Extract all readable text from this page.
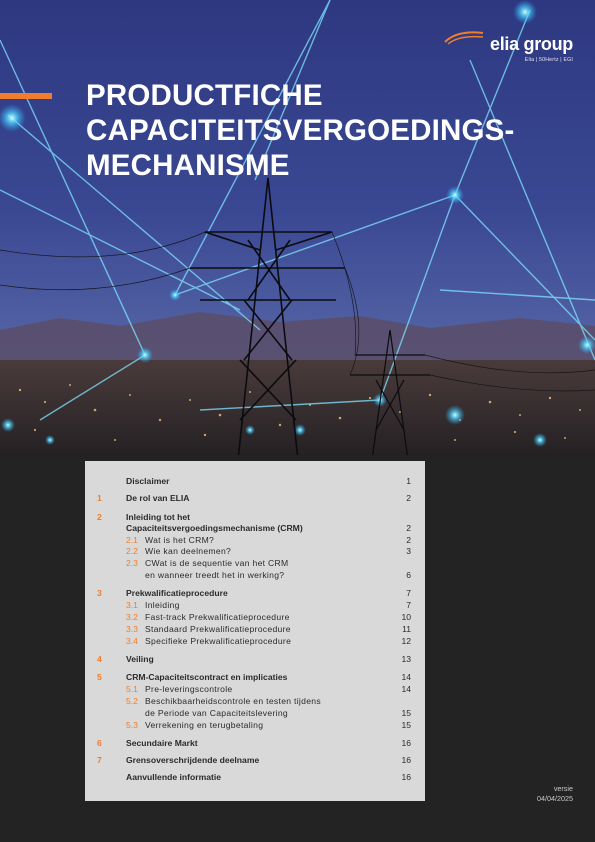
elia group
Elia | 50Hertz | EGI
PRODUCTFICHE
CAPACITEITSVERGOEDINGS-
MECHANISME
Disclaimer	1
1	De rol van ELIA	2
2	Inleiding tot het
Capaciteitsvergoedingsmechanisme (CRM)	2
2.1 Wat is het CRM?	2
2.2 Wie kan deelnemen?	3
2.3 CWat is de sequentie van het CRM
en wanneer treedt het in werking?	6
3	Prekwalificatieprocedure	7
3.1 Inleiding	7
3.2 Fast-track Prekwalificatieprocedure	10
3.3 Standaard Prekwalificatieprocedure	11
3.4 Specifieke Prekwalificatieprocedure	12
4	Veiling	13
5	CRM-Capaciteitscontract en implicaties	14
5.1 Pre-leveringscontrole	14
5.2 Beschikbaarheidscontrole en testen tijdens
de Periode van Capaciteitslevering	15
5.3 Verrekening en terugbetaling	15
6	Secundaire Markt	16
7	Grensoverschrijdende deelname	16
Aanvullende informatie	16
versie
04/04/2025
